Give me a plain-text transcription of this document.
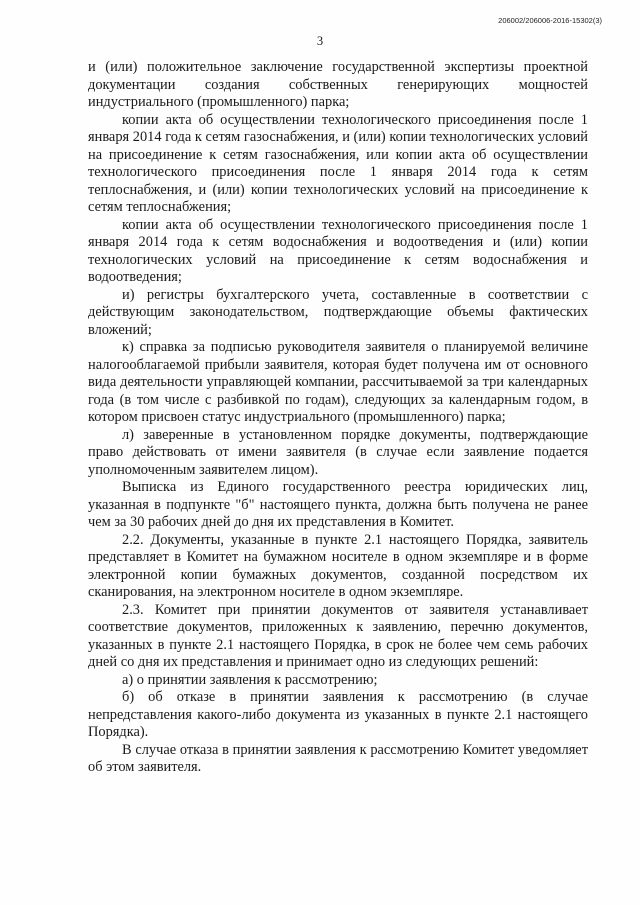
206002/206006-2016-15302(3)
3

и (или) положительное заключение государственной экспертизы проектной документации создания собственных генерирующих мощностей индустриального (промышленного) парка;

копии акта об осуществлении технологического присоединения после 1 января 2014 года к сетям газоснабжения, и (или) копии технологических условий на присоединение к сетям газоснабжения, или копии акта об осуществлении технологического присоединения после 1 января 2014 года к сетям теплоснабжения, и (или) копии технологических условий на присоединение к сетям теплоснабжения;

копии акта об осуществлении технологического присоединения после 1 января 2014 года к сетям водоснабжения и водоотведения и (или) копии технологических условий на присоединение к сетям водоснабжения и водоотведения;

и) регистры бухгалтерского учета, составленные в соответствии с действующим законодательством, подтверждающие объемы фактических вложений;

к) справка за подписью руководителя заявителя о планируемой величине налогооблагаемой прибыли заявителя, которая будет получена им от основного вида деятельности управляющей компании, рассчитываемой за три календарных года (в том числе с разбивкой по годам), следующих за календарным годом, в котором присвоен статус индустриального (промышленного) парка;

л) заверенные в установленном порядке документы, подтверждающие право действовать от имени заявителя (в случае если заявление подается уполномоченным заявителем лицом).

Выписка из Единого государственного реестра юридических лиц, указанная в подпункте "б" настоящего пункта, должна быть получена не ранее чем за 30 рабочих дней до дня их представления в Комитет.

2.2. Документы, указанные в пункте 2.1 настоящего Порядка, заявитель представляет в Комитет на бумажном носителе в одном экземпляре и в форме электронной копии бумажных документов, созданной посредством их сканирования, на электронном носителе в одном экземпляре.

2.3. Комитет при принятии документов от заявителя устанавливает соответствие документов, приложенных к заявлению, перечню документов, указанных в пункте 2.1 настоящего Порядка, в срок не более чем семь рабочих дней со дня их представления и принимает одно из следующих решений:

а) о принятии заявления к рассмотрению;

б) об отказе в принятии заявления к рассмотрению (в случае непредставления какого-либо документа из указанных в пункте 2.1 настоящего Порядка).

В случае отказа в принятии заявления к рассмотрению Комитет уведомляет об этом заявителя.
